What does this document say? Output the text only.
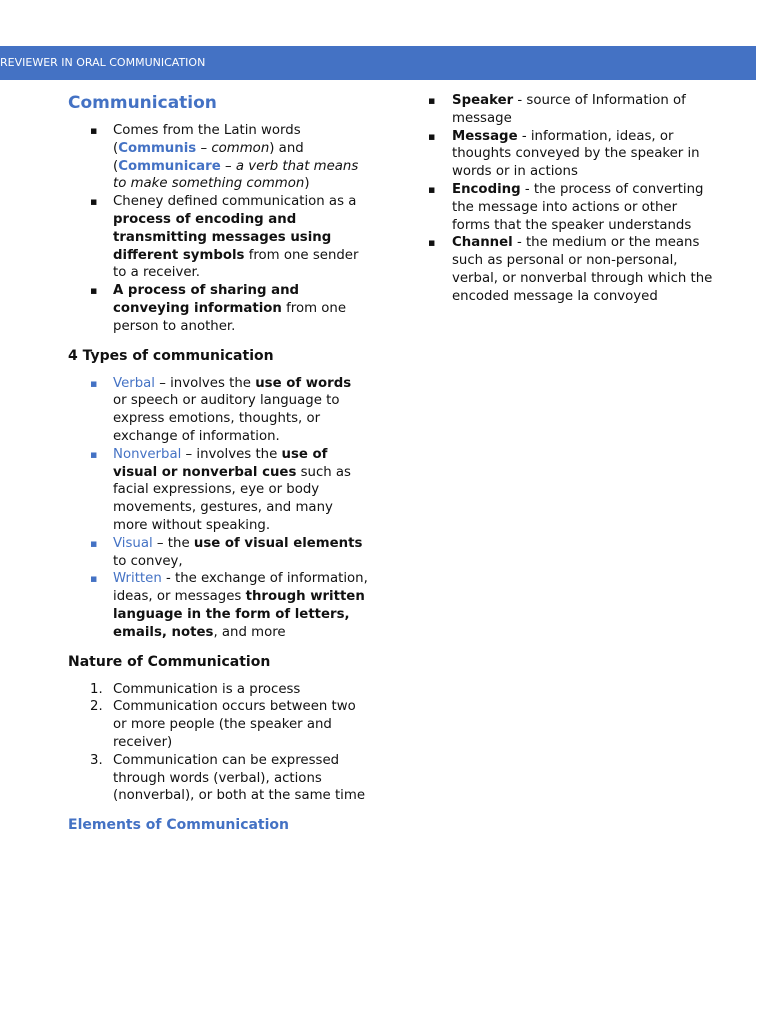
REVIEWER IN ORAL COMMUNICATION
Communication
▪ Comes from the Latin words (Communis – common) and (Communicare – a verb that means to make something common)
▪ Cheney defined communication as a process of encoding and transmitting messages using different symbols from one sender to a receiver.
▪ A process of sharing and conveying information from one person to another.
4 Types of communication
▪ Verbal – involves the use of words or speech or auditory language to express emotions, thoughts, or exchange of information.
▪ Nonverbal – involves the use of visual or nonverbal cues such as facial expressions, eye or body movements, gestures, and many more without speaking.
▪ Visual – the use of visual elements to convey,
▪ Written - the exchange of information, ideas, or messages through written language in the form of letters, emails, notes, and more
Nature of Communication
1. Communication is a process
2. Communication occurs between two or more people (the speaker and receiver)
3. Communication can be expressed through words (verbal), actions (nonverbal), or both at the same time
Elements of Communication
▪ Speaker - source of Information of message
▪ Message - information, ideas, or thoughts conveyed by the speaker in words or in actions
▪ Encoding - the process of converting the message into actions or other forms that the speaker understands
▪ Channel - the medium or the means such as personal or non-personal, verbal, or nonverbal through which the encoded message la convoyed
